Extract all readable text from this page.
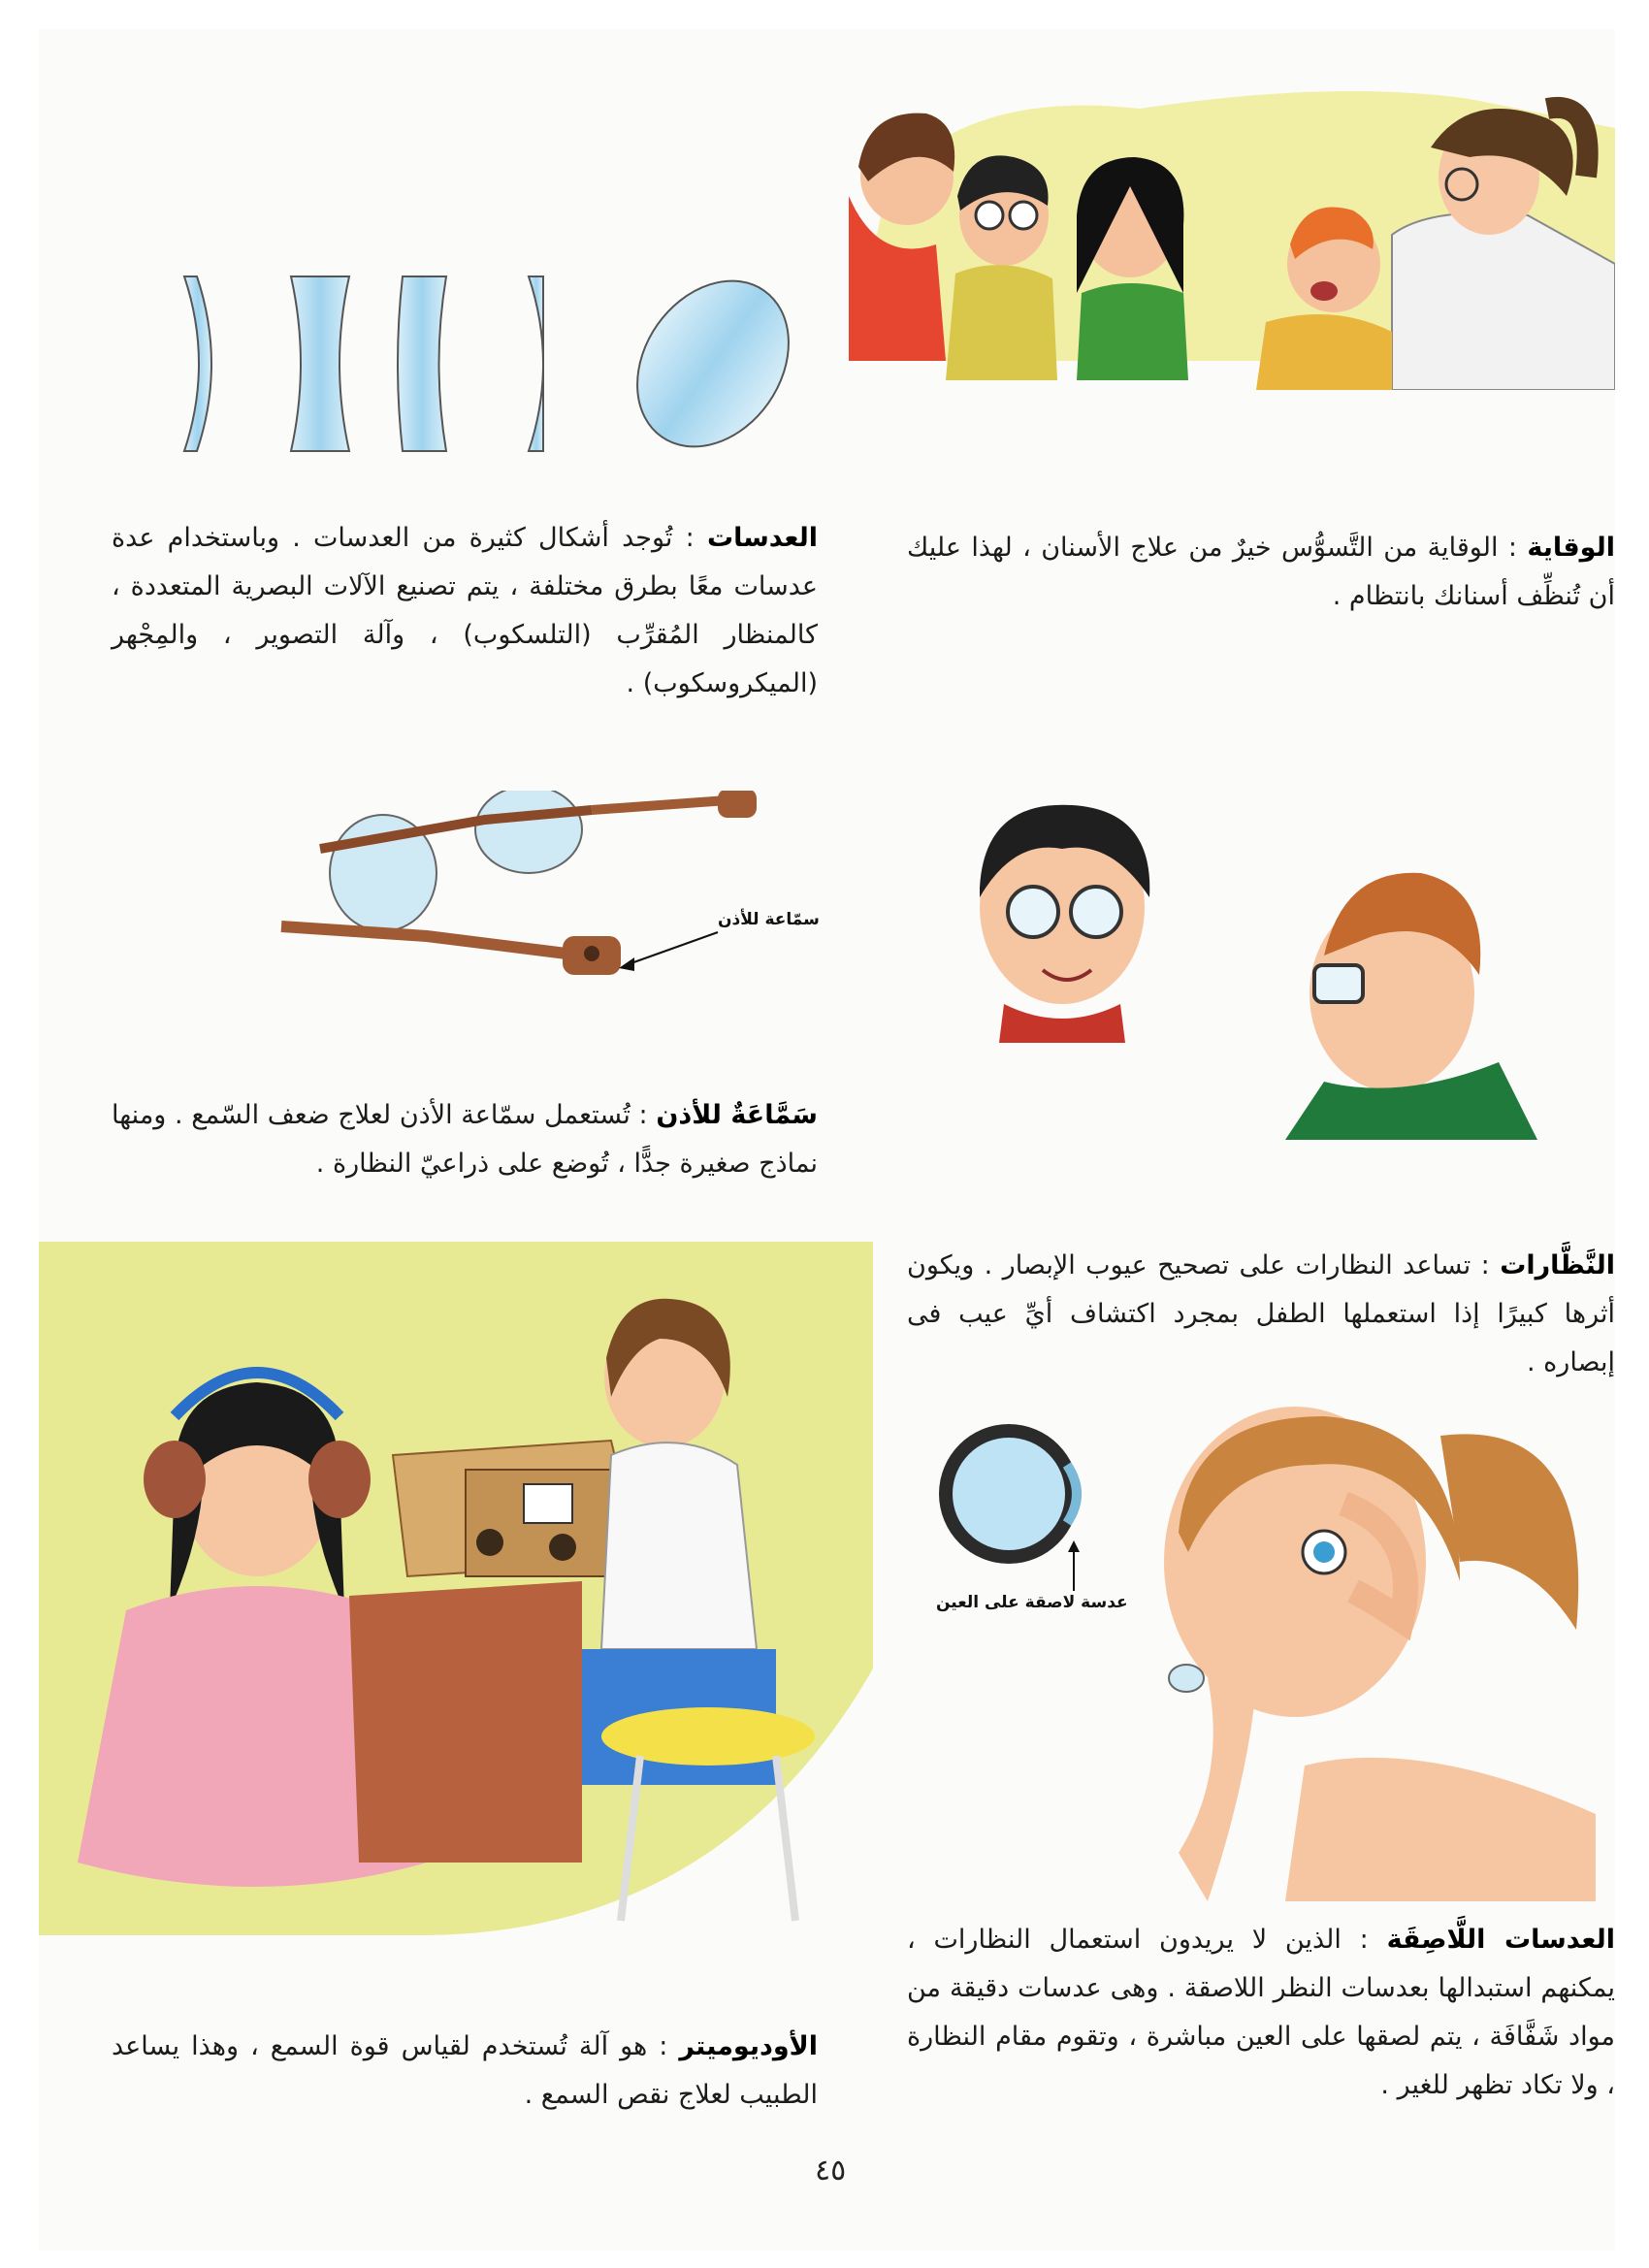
الوقاية : الوقاية من التَّسوُّس خيرٌ من علاج الأسنان ، لهذا عليك أن تُنظِّف أسنانك بانتظام .

العدسات : تُوجد أشكال كثيرة من العدسات . وباستخدام عدة عدسات معًا بطرق مختلفة ، يتم تصنيع الآلات البصرية المتعددة ، كالمنظار المُقرِّب (التلسكوب) ، وآلة التصوير ، والمِجْهر (الميكروسكوب) .

سمّاعة للأذن

سَمَّاعَةٌ للأذن : تُستعمل سمّاعة الأذن لعلاج ضعف السّمع . ومنها نماذج صغيرة جدًّا ، تُوضع على ذراعيّ النظارة .

النَّظَّارات : تساعد النظارات على تصحيح عيوب الإبصار . ويكون أثرها كبيرًا إذا استعملها الطفل بمجرد اكتشاف أيِّ عيب فى إبصاره .

عدسة لاصقة على العين

الأوديوميتر : هو آلة تُستخدم لقياس قوة السمع ، وهذا يساعد الطبيب لعلاج نقص السمع .

العدسات اللَّاصِقَة : الذين لا يريدون استعمال النظارات ، يمكنهم استبدالها بعدسات النظر اللاصقة . وهى عدسات دقيقة من مواد شَفَّافَة ، يتم لصقها على العين مباشرة ، وتقوم مقام النظارة ، ولا تكاد تظهر للغير .

٤٥
